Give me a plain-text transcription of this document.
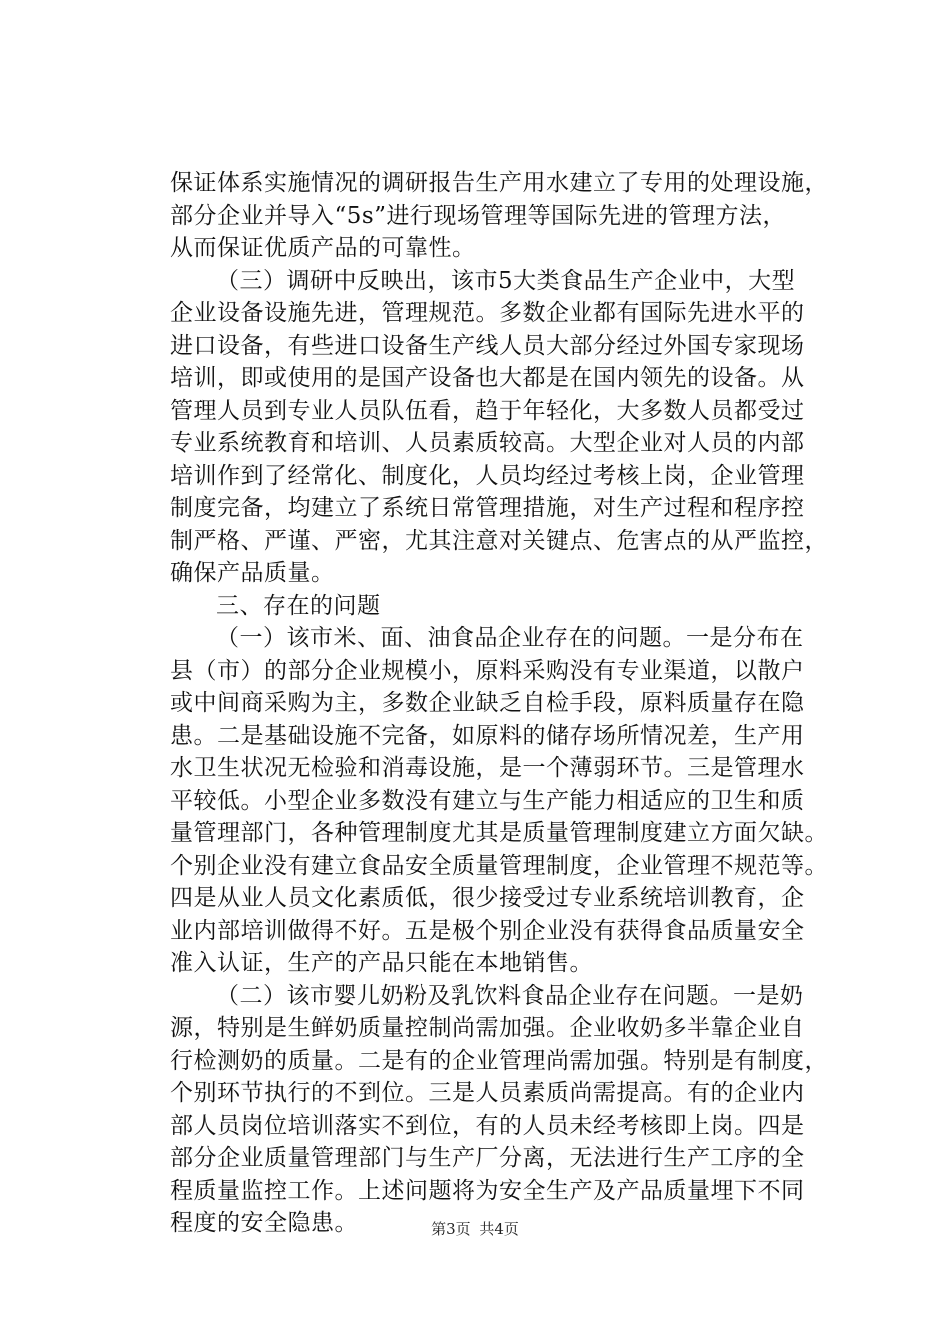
保证体系实施情况的调研报告生产用水建立了专用的处理设施，
部分企业并导入“5s”进行现场管理等国际先进的管理方法，
从而保证优质产品的可靠性。
（三）调研中反映出，该市5大类食品生产企业中，大型
企业设备设施先进，管理规范。多数企业都有国际先进水平的
进口设备，有些进口设备生产线人员大部分经过外国专家现场
培训，即或使用的是国产设备也大都是在国内领先的设备。从
管理人员到专业人员队伍看，趋于年轻化，大多数人员都受过
专业系统教育和培训、人员素质较高。大型企业对人员的内部
培训作到了经常化、制度化，人员均经过考核上岗，企业管理
制度完备，均建立了系统日常管理措施，对生产过程和程序控
制严格、严谨、严密，尤其注意对关键点、危害点的从严监控，
确保产品质量。
三、存在的问题
（一）该市米、面、油食品企业存在的问题。一是分布在
县（市）的部分企业规模小，原料采购没有专业渠道，以散户
或中间商采购为主，多数企业缺乏自检手段，原料质量存在隐
患。二是基础设施不完备，如原料的储存场所情况差，生产用
水卫生状况无检验和消毒设施，是一个薄弱环节。三是管理水
平较低。小型企业多数没有建立与生产能力相适应的卫生和质
量管理部门，各种管理制度尤其是质量管理制度建立方面欠缺。
个别企业没有建立食品安全质量管理制度，企业管理不规范等。
四是从业人员文化素质低，很少接受过专业系统培训教育，企
业内部培训做得不好。五是极个别企业没有获得食品质量安全
准入认证，生产的产品只能在本地销售。
（二）该市婴儿奶粉及乳饮料食品企业存在问题。一是奶
源，特别是生鲜奶质量控制尚需加强。企业收奶多半靠企业自
行检测奶的质量。二是有的企业管理尚需加强。特别是有制度，
个别环节执行的不到位。三是人员素质尚需提高。有的企业内
部人员岗位培训落实不到位，有的人员未经考核即上岗。四是
部分企业质量管理部门与生产厂分离，无法进行生产工序的全
程质量监控工作。上述问题将为安全生产及产品质量埋下不同
程度的安全隐患。	第3页 共4页
